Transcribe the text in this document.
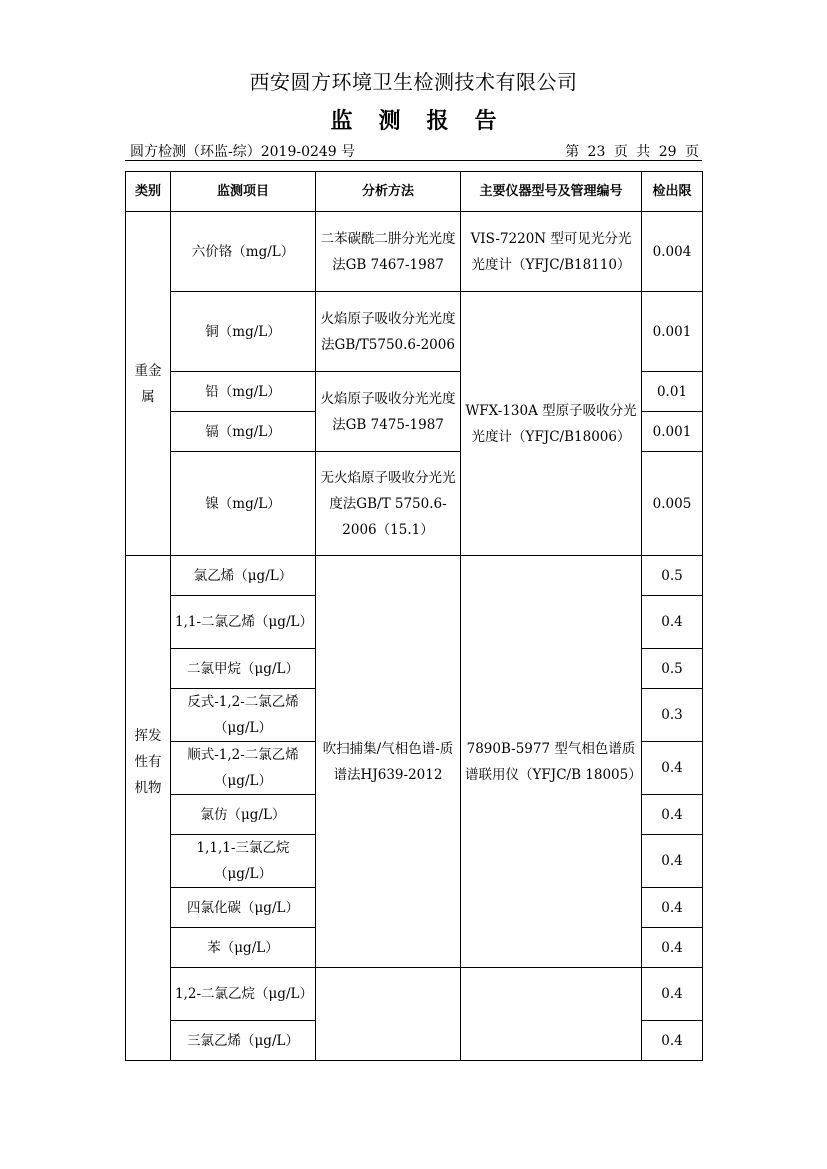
西安圆方环境卫生检测技术有限公司
监测报告
圆方检测（环监-综）2019-0249 号	第 23 页 共 29 页
类别	监测项目	分析方法	主要仪器型号及管理编号	检出限
重金属	六价铬（mg/L）	二苯碳酰二肼分光光度法GB 7467-1987	VIS-7220N 型可见光分光光度计（YFJC/B18110）	0.004
	铜（mg/L）	火焰原子吸收分光光度法GB/T5750.6-2006	WFX-130A 型原子吸收分光光度计（YFJC/B18006）	0.001
	铅（mg/L）	火焰原子吸收分光光度法GB 7475-1987		0.01
	镉（mg/L）			0.001
	镍（mg/L）	无火焰原子吸收分光光度法GB/T 5750.6-2006（15.1）		0.005
挥发性有机物	氯乙烯（μg/L）	吹扫捕集/气相色谱-质谱法HJ639-2012	7890B-5977 型气相色谱质谱联用仪（YFJC/B 18005）	0.5
	1,1-二氯乙烯（μg/L）			0.4
	二氯甲烷（μg/L）			0.5
	反式-1,2-二氯乙烯（μg/L）			0.3
	顺式-1,2-二氯乙烯（μg/L）			0.4
	氯仿（μg/L）			0.4
	1,1,1-三氯乙烷（μg/L）			0.4
	四氯化碳（μg/L）			0.4
	苯（μg/L）			0.4
	1,2-二氯乙烷（μg/L）			0.4
	三氯乙烯（μg/L）			0.4
